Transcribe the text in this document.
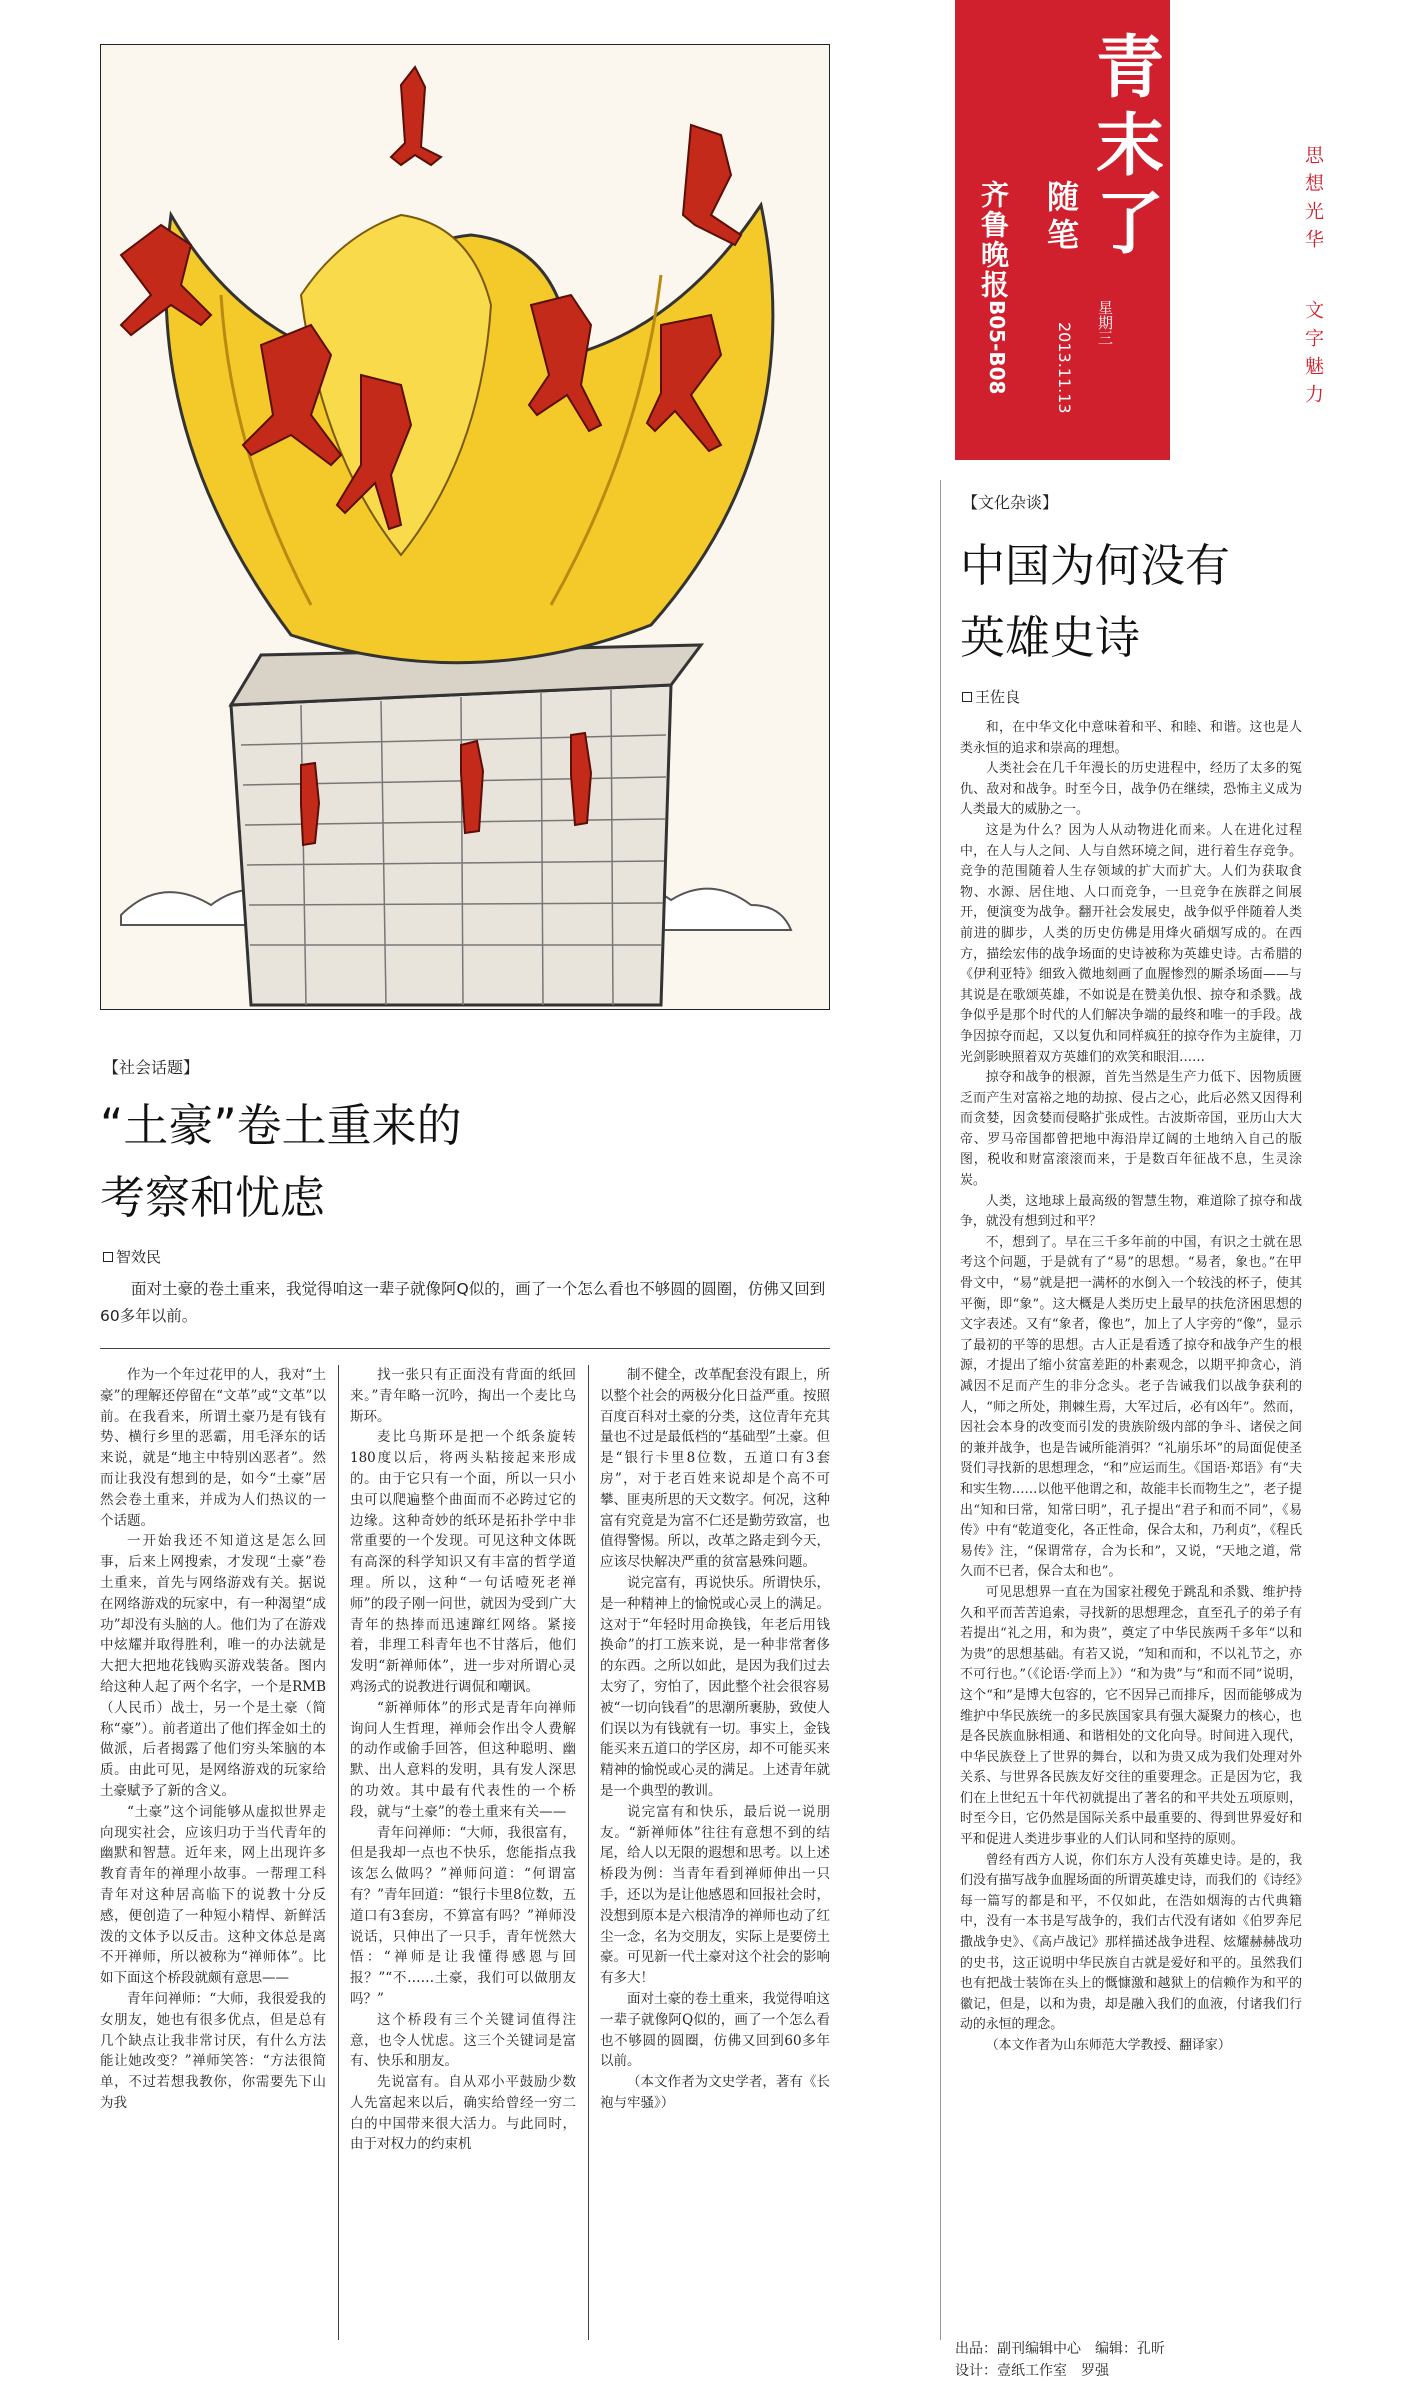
青
末
了
随笔
齐鲁晚报
B05-B08	星期三
2013.11.13
思想光华
文字魅力
【文化杂谈】
中国为何没有
英雄史诗
王佐良

和，在中华文化中意味着和平、和睦、和谐。这也是人类永恒的追求和崇高的理想。

人类社会在几千年漫长的历史进程中，经历了太多的冤仇、敌对和战争。时至今日，战争仍在继续，恐怖主义成为人类最大的威胁之一。

这是为什么？因为人从动物进化而来。人在进化过程中，在人与人之间、人与自然环境之间，进行着生存竞争。竞争的范围随着人生存领域的扩大而扩大。人们为获取食物、水源、居住地、人口而竞争，一旦竞争在族群之间展开，便演变为战争。翻开社会发展史，战争似乎伴随着人类前进的脚步，人类的历史仿佛是用烽火硝烟写成的。在西方，描绘宏伟的战争场面的史诗被称为英雄史诗。古希腊的《伊利亚特》细致入微地刻画了血腥惨烈的厮杀场面——与其说是在歌颂英雄，不如说是在赞美仇恨、掠夺和杀戮。战争似乎是那个时代的人们解决争端的最终和唯一的手段。战争因掠夺而起，又以复仇和同样疯狂的掠夺作为主旋律，刀光剑影映照着双方英雄们的欢笑和眼泪……

掠夺和战争的根源，首先当然是生产力低下、因物质匮乏而产生对富裕之地的劫掠、侵占之心，此后必然又因得利而贪婪，因贪婪而侵略扩张成性。古波斯帝国，亚历山大大帝、罗马帝国都曾把地中海沿岸辽阔的土地纳入自己的版图，税收和财富滚滚而来，于是数百年征战不息，生灵涂炭。

人类，这地球上最高级的智慧生物，难道除了掠夺和战争，就没有想到过和平？

不，想到了。早在三千多年前的中国，有识之士就在思考这个问题，于是就有了“易”的思想。“易者，象也。”在甲骨文中，“易”就是把一满杯的水倒入一个较浅的杯子，使其平衡，即“象”。这大概是人类历史上最早的扶危济困思想的文字表述。又有“象者，像也”，加上了人字旁的“像”，显示了最初的平等的思想。古人正是看透了掠夺和战争产生的根源，才提出了缩小贫富差距的朴素观念，以期平抑贪心，消减因不足而产生的非分念头。老子告诫我们以战争获利的人，“师之所处，荆棘生焉，大军过后，必有凶年”。然而，因社会本身的改变而引发的贵族阶级内部的争斗、诸侯之间的兼并战争，也是告诫所能消弭？“礼崩乐坏”的局面促使圣贤们寻找新的思想理念，“和”应运而生。《国语·郑语》有“夫和实生物……以他平他谓之和，故能丰长而物生之”，老子提出“知和曰常，知常曰明”，孔子提出“君子和而不同”，《易传》中有“乾道变化，各正性命，保合太和，乃利贞”，《程氏易传》注，“保谓常存，合为长和”，又说，“天地之道，常久而不已者，保合太和也”。

可见思想界一直在为国家社稷免于跳乱和杀戮、维护持久和平而苦苦追索，寻找新的思想理念，直至孔子的弟子有若提出“礼之用，和为贵”，奠定了中华民族两千多年“以和为贵”的思想基础。有若又说，“知和而和，不以礼节之，亦不可行也。”（《论语·学而上》）“和为贵”与“和而不同”说明，这个“和”是博大包容的，它不因异己而排斥，因而能够成为维护中华民族统一的多民族国家具有强大凝聚力的核心，也是各民族血脉相通、和谐相处的文化向导。时间进入现代，中华民族登上了世界的舞台，以和为贵又成为我们处理对外关系、与世界各民族友好交往的重要理念。正是因为它，我们在上世纪五十年代初就提出了著名的和平共处五项原则，时至今日，它仍然是国际关系中最重要的、得到世界爱好和平和促进人类进步事业的人们认同和坚持的原则。

曾经有西方人说，你们东方人没有英雄史诗。是的，我们没有描写战争血腥场面的所谓英雄史诗，而我们的《诗经》每一篇写的都是和平，不仅如此，在浩如烟海的古代典籍中，没有一本书是写战争的，我们古代没有诸如《伯罗奔尼撒战争史》、《高卢战记》那样描述战争进程、炫耀赫赫战功的史书，这正说明中华民族自古就是爱好和平的。虽然我们也有把战士装饰在头上的慨慷激和越狱上的信赖作为和平的徽记，但是，以和为贵，却是融入我们的血液，付诸我们行动的永恒的理念。

（本文作者为山东师范大学教授、翻译家）

【社会话题】
“土豪”卷土重来的
考察和忧虑
智效民
面对土豪的卷土重来，我觉得咱这一辈子就像阿Q似的，画了一个怎么看也不够圆的圆圈，仿佛又回到60多年以前。

作为一个年过花甲的人，我对“土豪”的理解还停留在“文革”或“文革”以前。在我看来，所谓土豪乃是有钱有势、横行乡里的恶霸，用毛泽东的话来说，就是“地主中特别凶恶者”。然而让我没有想到的是，如今“土豪”居然会卷土重来，并成为人们热议的一个话题。

一开始我还不知道这是怎么回事，后来上网搜索，才发现“土豪”卷土重来，首先与网络游戏有关。据说在网络游戏的玩家中，有一种渴望“成功”却没有头脑的人。他们为了在游戏中炫耀并取得胜利，唯一的办法就是大把大把地花钱购买游戏装备。图内给这种人起了两个名字，一个是RMB（人民币）战士，另一个是土豪（简称“豪”）。前者道出了他们挥金如土的做派，后者揭露了他们穷头笨脑的本质。由此可见，是网络游戏的玩家给土豪赋予了新的含义。

“土豪”这个词能够从虚拟世界走向现实社会，应该归功于当代青年的幽默和智慧。近年来，网上出现许多教育青年的禅理小故事。一帮理工科青年对这种居高临下的说教十分反感，便创造了一种短小精悍、新鲜活泼的文体予以反击。这种文体总是离不开禅师，所以被称为“禅师体”。比如下面这个桥段就颇有意思——

青年问禅师：“大师，我很爱我的女朋友，她也有很多优点，但是总有几个缺点让我非常讨厌，有什么方法能让她改变？”禅师笑答：“方法很简单，不过若想我教你，你需要先下山为我

找一张只有正面没有背面的纸回来。”青年略一沉吟，掏出一个麦比乌斯环。

麦比乌斯环是把一个纸条旋转180度以后，将两头粘接起来形成的。由于它只有一个面，所以一只小虫可以爬遍整个曲面而不必跨过它的边缘。这种奇妙的纸环是拓扑学中非常重要的一个发现。可见这种文体既有高深的科学知识又有丰富的哲学道理。所以，这种“一句话噎死老禅师”的段子刚一问世，就因为受到广大青年的热捧而迅速蹿红网络。紧接着，非理工科青年也不甘落后，他们发明“新禅师体”，进一步对所谓心灵鸡汤式的说教进行调侃和嘲讽。

“新禅师体”的形式是青年向禅师询问人生哲理，禅师会作出令人费解的动作或偷手回答，但这种聪明、幽默、出人意料的发明，具有发人深思的功效。其中最有代表性的一个桥段，就与“土豪”的卷土重来有关——

青年问禅师：“大师，我很富有，但是我却一点也不快乐，您能指点我该怎么做吗？”禅师问道：“何谓富有？”青年回道：“银行卡里8位数，五道口有3套房，不算富有吗？”禅师没说话，只伸出了一只手，青年恍然大悟：“禅师是让我懂得感恩与回报？”“不……土豪，我们可以做朋友吗？”

这个桥段有三个关键词值得注意，也令人忧虑。这三个关键词是富有、快乐和朋友。

先说富有。自从邓小平鼓励少数人先富起来以后，确实给曾经一穷二白的中国带来很大活力。与此同时，由于对权力的约束机

制不健全，改革配套没有跟上，所以整个社会的两极分化日益严重。按照百度百科对土豪的分类，这位青年充其量也不过是最低档的“基础型”土豪。但是“银行卡里8位数，五道口有3套房”，对于老百姓来说却是个高不可攀、匪夷所思的天文数字。何况，这种富有究竟是为富不仁还是勤劳致富，也值得警惕。所以，改革之路走到今天，应该尽快解决严重的贫富悬殊问题。

说完富有，再说快乐。所谓快乐，是一种精神上的愉悦或心灵上的满足。这对于“年轻时用命换钱，年老后用钱换命”的打工族来说，是一种非常奢侈的东西。之所以如此，是因为我们过去太穷了，穷怕了，因此整个社会很容易被“一切向钱看”的思潮所裹胁，致使人们误以为有钱就有一切。事实上，金钱能买来五道口的学区房，却不可能买来精神的愉悦或心灵的满足。上述青年就是一个典型的教训。

说完富有和快乐，最后说一说朋友。“新禅师体”往往有意想不到的结尾，给人以无限的遐想和思考。以上述桥段为例：当青年看到禅师伸出一只手，还以为是让他感恩和回报社会时，没想到原本是六根清净的禅师也动了红尘一念，名为交朋友，实际上是要傍土豪。可见新一代土豪对这个社会的影响有多大！

面对土豪的卷土重来，我觉得咱这一辈子就像阿Q似的，画了一个怎么看也不够圆的圆圈，仿佛又回到60多年以前。

（本文作者为文史学者，著有《长袍与牢骚》）

出品：副刊编辑中心　编辑：孔昕
设计：壹纸工作室　罗强
